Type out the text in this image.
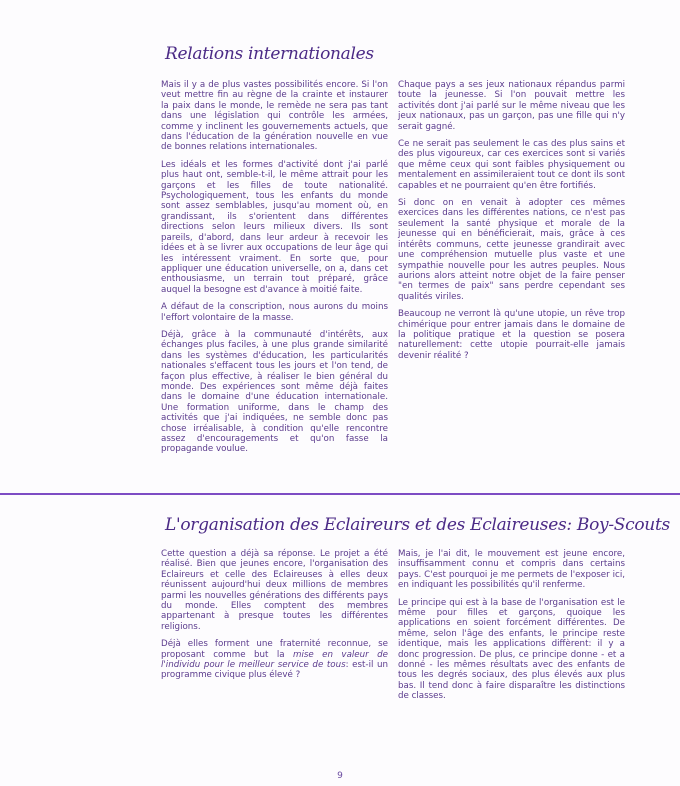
Relations internationales

Mais il y a de plus vastes possibilités encore. Si l'on veut mettre fin au règne de la crainte et instaurer la paix dans le monde, le remède ne sera pas tant dans une législation qui contrôle les armées, comme y inclinent les gouvernements actuels, que dans l'éducation de la génération nouvelle en vue de bonnes relations internationales.

Les idéals et les formes d'activité dont j'ai parlé plus haut ont, semble-t-il, le même attrait pour les garçons et les filles de toute nationalité. Psychologiquement, tous les enfants du monde sont assez semblables, jusqu'au moment où, en grandissant, ils s'orientent dans différentes directions selon leurs milieux divers. Ils sont pareils, d'abord, dans leur ardeur à recevoir les idées et à se livrer aux occupations de leur âge qui les intéressent vraiment. En sorte que, pour appliquer une éducation universelle, on a, dans cet enthousiasme, un terrain tout préparé, grâce auquel la besogne est d'avance à moitié faite.

A défaut de la conscription, nous aurons du moins l'effort volontaire de la masse.

Déjà, grâce à la communauté d'intérêts, aux échanges plus faciles, à une plus grande similarité dans les systèmes d'éducation, les particularités nationales s'effacent tous les jours et l'on tend, de façon plus effective, à réaliser le bien général du monde. Des expériences sont même déjà faites dans le domaine d'une éducation internationale. Une formation uniforme, dans le champ des activités que j'ai indiquées, ne semble donc pas chose irréalisable, à condition qu'elle rencontre assez d'encouragements et qu'on fasse la propagande voulue.

Chaque pays a ses jeux nationaux répandus parmi toute la jeunesse. Si l'on pouvait mettre les activités dont j'ai parlé sur le même niveau que les jeux nationaux, pas un garçon, pas une fille qui n'y serait gagné.

Ce ne serait pas seulement le cas des plus sains et des plus vigoureux, car ces exercices sont si variés que même ceux qui sont faibles physiquement ou mentalement en assimileraient tout ce dont ils sont capables et ne pourraient qu'en être fortifiés.

Si donc on en venait à adopter ces mêmes exercices dans les différentes nations, ce n'est pas seulement la santé physique et morale de la jeunesse qui en bénéficierait, mais, grâce à ces intérêts communs, cette jeunesse grandirait avec une compréhension mutuelle plus vaste et une sympathie nouvelle pour les autres peuples. Nous aurions alors atteint notre objet de la faire penser "en termes de paix" sans perdre cependant ses qualités viriles.

Beaucoup ne verront là qu'une utopie, un rêve trop chimérique pour entrer jamais dans le domaine de la politique pratique et la question se posera naturellement: cette utopie pourrait-elle jamais devenir réalité ?

L'organisation des Eclaireurs et des Eclaireuses: Boy-Scouts

Cette question a déjà sa réponse. Le projet a été réalisé. Bien que jeunes encore, l'organisation des Eclaireurs et celle des Eclaireuses à elles deux réunissent aujourd'hui deux millions de membres parmi les nouvelles générations des différents pays du monde. Elles comptent des membres appartenant à presque toutes les différentes religions.

Déjà elles forment une fraternité reconnue, se proposant comme but la mise en valeur de l'individu pour le meilleur service de tous: est-il un programme civique plus élevé ?

Mais, je l'ai dit, le mouvement est jeune encore, insuffisamment connu et compris dans certains pays. C'est pourquoi je me permets de l'exposer ici, en indiquant les possibilités qu'il renferme.

Le principe qui est à la base de l'organisation est le même pour filles et garçons, quoique les applications en soient forcément différentes. De même, selon l'âge des enfants, le principe reste identique, mais les applications diffèrent: il y a donc progression. De plus, ce principe donne - et a donné - les mêmes résultats avec des enfants de tous les degrés sociaux, des plus élevés aux plus bas. Il tend donc à faire disparaître les distinctions de classes.

9
